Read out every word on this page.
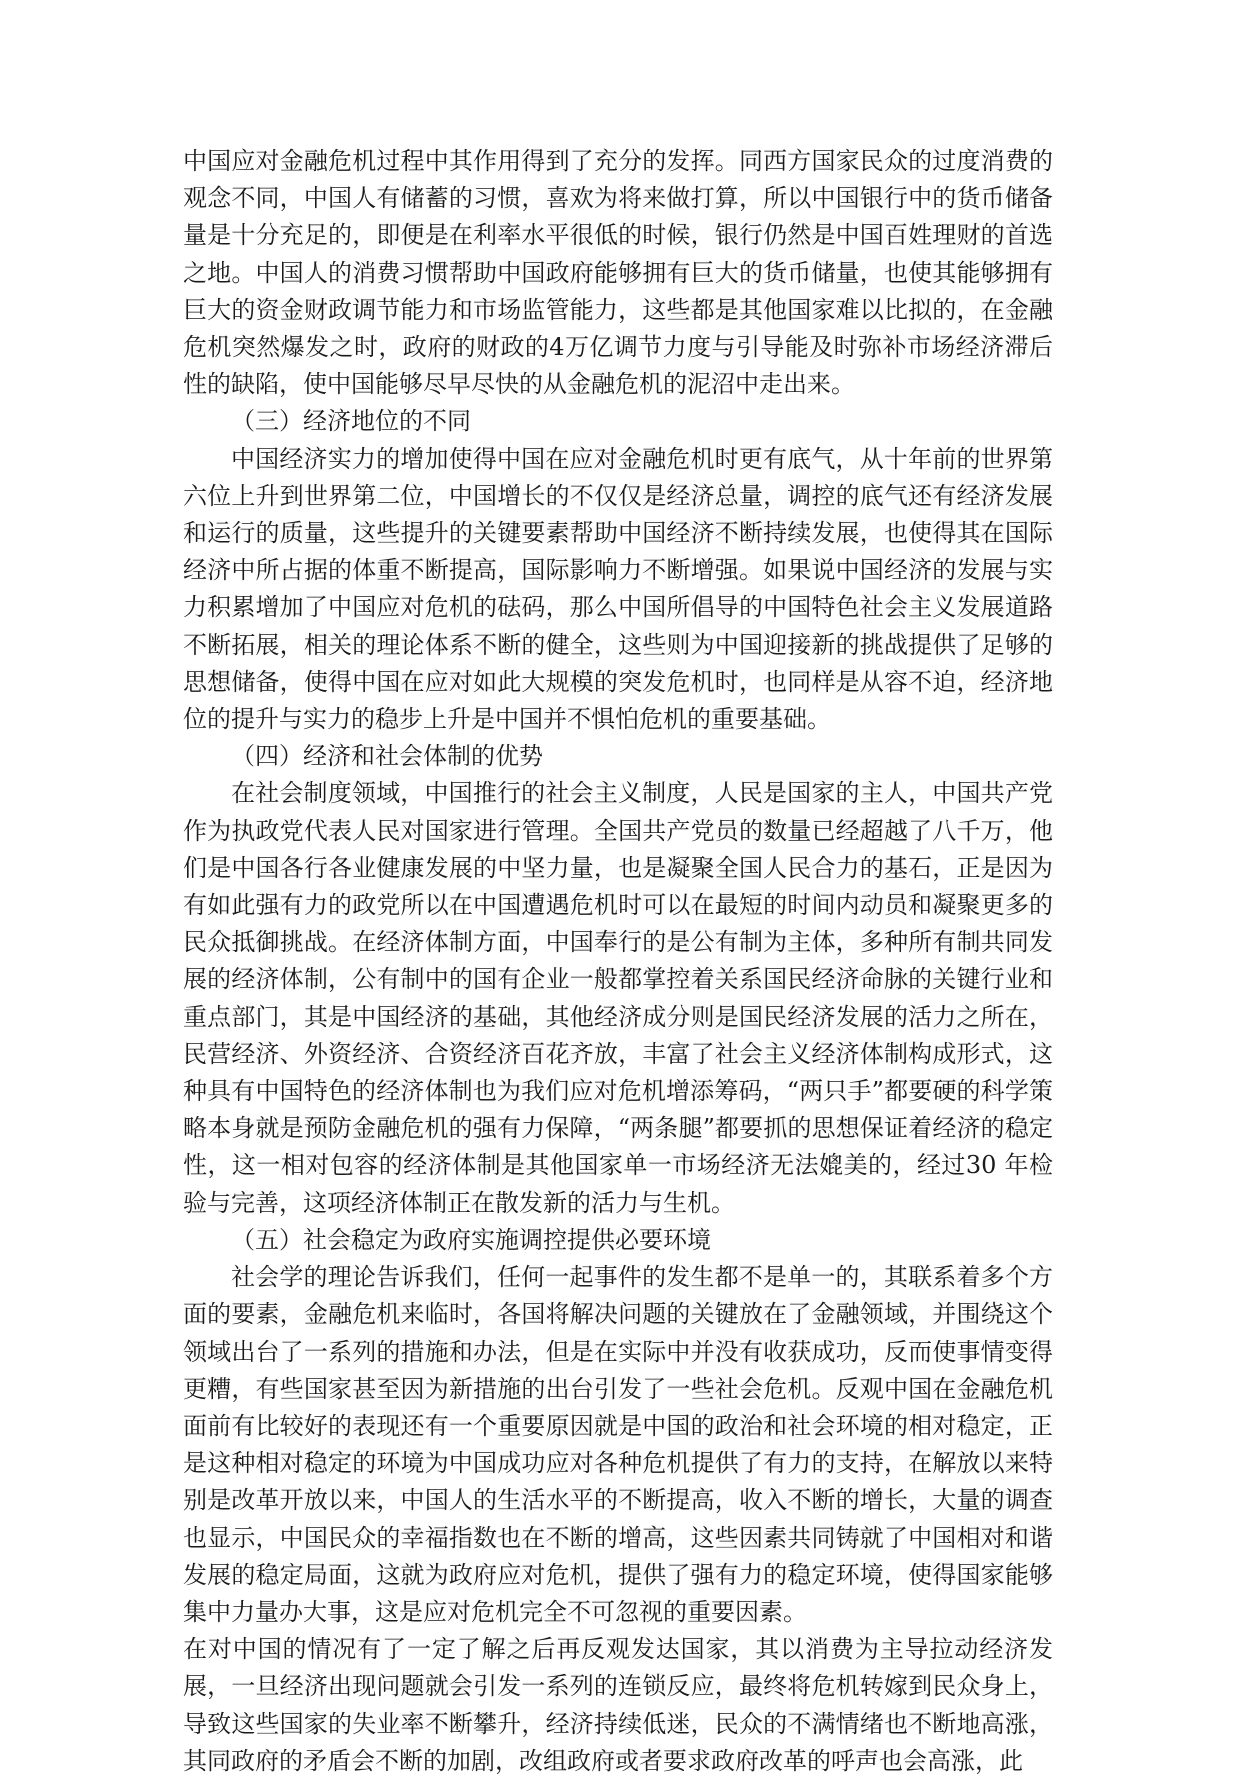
中国应对金融危机过程中其作用得到了充分的发挥。同西方国家民众的过度消费的观念不同，中国人有储蓄的习惯，喜欢为将来做打算，所以中国银行中的货币储备量是十分充足的，即便是在利率水平很低的时候，银行仍然是中国百姓理财的首选之地。中国人的消费习惯帮助中国政府能够拥有巨大的货币储量，也使其能够拥有巨大的资金财政调节能力和市场监管能力，这些都是其他国家难以比拟的，在金融危机突然爆发之时，政府的财政的4万亿调节力度与引导能及时弥补市场经济滞后性的缺陷，使中国能够尽早尽快的从金融危机的泥沼中走出来。

（三）经济地位的不同

中国经济实力的增加使得中国在应对金融危机时更有底气，从十年前的世界第六位上升到世界第二位，中国增长的不仅仅是经济总量，调控的底气还有经济发展和运行的质量，这些提升的关键要素帮助中国经济不断持续发展，也使得其在国际经济中所占据的体重不断提高，国际影响力不断增强。如果说中国经济的发展与实力积累增加了中国应对危机的砝码，那么中国所倡导的中国特色社会主义发展道路不断拓展，相关的理论体系不断的健全，这些则为中国迎接新的挑战提供了足够的思想储备，使得中国在应对如此大规模的突发危机时，也同样是从容不迫，经济地位的提升与实力的稳步上升是中国并不惧怕危机的重要基础。

（四）经济和社会体制的优势

在社会制度领域，中国推行的社会主义制度，人民是国家的主人，中国共产党作为执政党代表人民对国家进行管理。全国共产党员的数量已经超越了八千万，他们是中国各行各业健康发展的中坚力量，也是凝聚全国人民合力的基石，正是因为有如此强有力的政党所以在中国遭遇危机时可以在最短的时间内动员和凝聚更多的民众抵御挑战。在经济体制方面，中国奉行的是公有制为主体，多种所有制共同发展的经济体制，公有制中的国有企业一般都掌控着关系国民经济命脉的关键行业和重点部门，其是中国经济的基础，其他经济成分则是国民经济发展的活力之所在，民营经济、外资经济、合资经济百花齐放，丰富了社会主义经济体制构成形式，这种具有中国特色的经济体制也为我们应对危机增添筹码，“两只手”都要硬的科学策略本身就是预防金融危机的强有力保障，“两条腿”都要抓的思想保证着经济的稳定性，这一相对包容的经济体制是其他国家单一市场经济无法媲美的，经过30 年检验与完善，这项经济体制正在散发新的活力与生机。

（五）社会稳定为政府实施调控提供必要环境

社会学的理论告诉我们，任何一起事件的发生都不是单一的，其联系着多个方面的要素，金融危机来临时，各国将解决问题的关键放在了金融领域，并围绕这个领域出台了一系列的措施和办法，但是在实际中并没有收获成功，反而使事情变得更糟，有些国家甚至因为新措施的出台引发了一些社会危机。反观中国在金融危机面前有比较好的表现还有一个重要原因就是中国的政治和社会环境的相对稳定，正是这种相对稳定的环境为中国成功应对各种危机提供了有力的支持，在解放以来特别是改革开放以来，中国人的生活水平的不断提高，收入不断的增长，大量的调查也显示，中国民众的幸福指数也在不断的增高，这些因素共同铸就了中国相对和谐发展的稳定局面，这就为政府应对危机，提供了强有力的稳定环境，使得国家能够集中力量办大事，这是应对危机完全不可忽视的重要因素。

在对中国的情况有了一定了解之后再反观发达国家，其以消费为主导拉动经济发展，一旦经济出现问题就会引发一系列的连锁反应，最终将危机转嫁到民众身上，导致这些国家的失业率不断攀升，经济持续低迷，民众的不满情绪也不断地高涨，其同政府的矛盾会不断的加剧，改组政府或者要求政府改革的呼声也会高涨，此
